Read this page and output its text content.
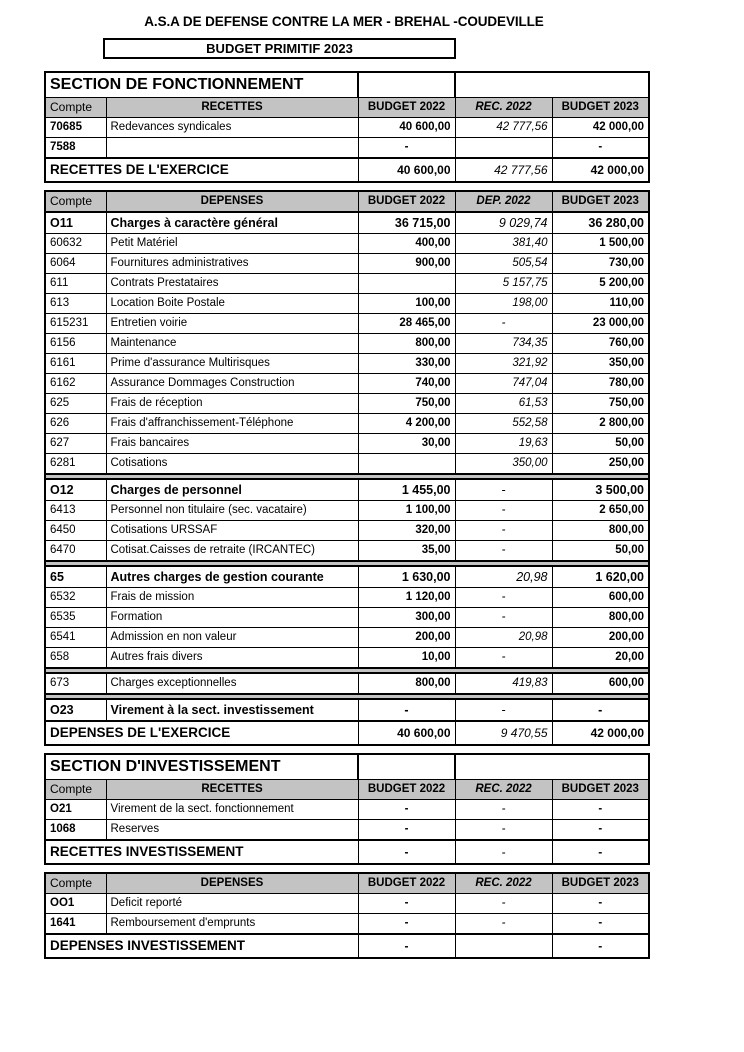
A.S.A DE DEFENSE CONTRE LA MER - BREHAL -COUDEVILLE
BUDGET PRIMITIF 2023
SECTION DE FONCTIONNEMENT				
Compte	RECETTES	BUDGET 2022	REC. 2022	BUDGET 2023
70685	Redevances syndicales	40 600,00	42 777,56	42 000,00
7588		-		-
RECETTES DE L'EXERCICE		40 600,00	42 777,56	42 000,00
Compte	DEPENSES	BUDGET 2022	DEP. 2022	BUDGET 2023
O11	Charges à caractère général	36 715,00	9 029,74	36 280,00
60632	Petit Matériel	400,00	381,40	1 500,00
6064	Fournitures administratives	900,00	505,54	730,00
611	Contrats Prestataires		5 157,75	5 200,00
613	Location Boite Postale	100,00	198,00	110,00
615231	Entretien voirie	28 465,00	-	23 000,00
6156	Maintenance	800,00	734,35	760,00
6161	Prime d'assurance Multirisques	330,00	321,92	350,00
6162	Assurance Dommages Construction	740,00	747,04	780,00
625	Frais de réception	750,00	61,53	750,00
626	Frais d'affranchissement-Téléphone	4 200,00	552,58	2 800,00
627	Frais bancaires	30,00	19,63	50,00
6281	Cotisations		350,00	250,00

O12	Charges de personnel	1 455,00	-	3 500,00
6413	Personnel non titulaire (sec. vacataire)	1 100,00	-	2 650,00
6450	Cotisations URSSAF	320,00	-	800,00
6470	Cotisat.Caisses de retraite (IRCANTEC)	35,00	-	50,00

65	Autres charges de gestion courante	1 630,00	20,98	1 620,00
6532	Frais de mission	1 120,00	-	600,00
6535	Formation	300,00	-	800,00
6541	Admission en non valeur	200,00	20,98	200,00
658	Autres frais divers	10,00	-	20,00

673	Charges exceptionnelles	800,00	419,83	600,00

O23	Virement à la sect. investissement	-	-	-
DEPENSES DE L'EXERCICE		40 600,00	9 470,55	42 000,00
SECTION D'INVESTISSEMENT				
Compte	RECETTES	BUDGET 2022	REC. 2022	BUDGET 2023
O21	Virement de la sect. fonctionnement	-	-	-
1068	Reserves	-	-	-
RECETTES INVESTISSEMENT		-	-	-
Compte	DEPENSES	BUDGET 2022	REC. 2022	BUDGET 2023
OO1	Deficit reporté	-	-	-
1641	Remboursement d'emprunts	-	-	-
DEPENSES INVESTISSEMENT		-		-
